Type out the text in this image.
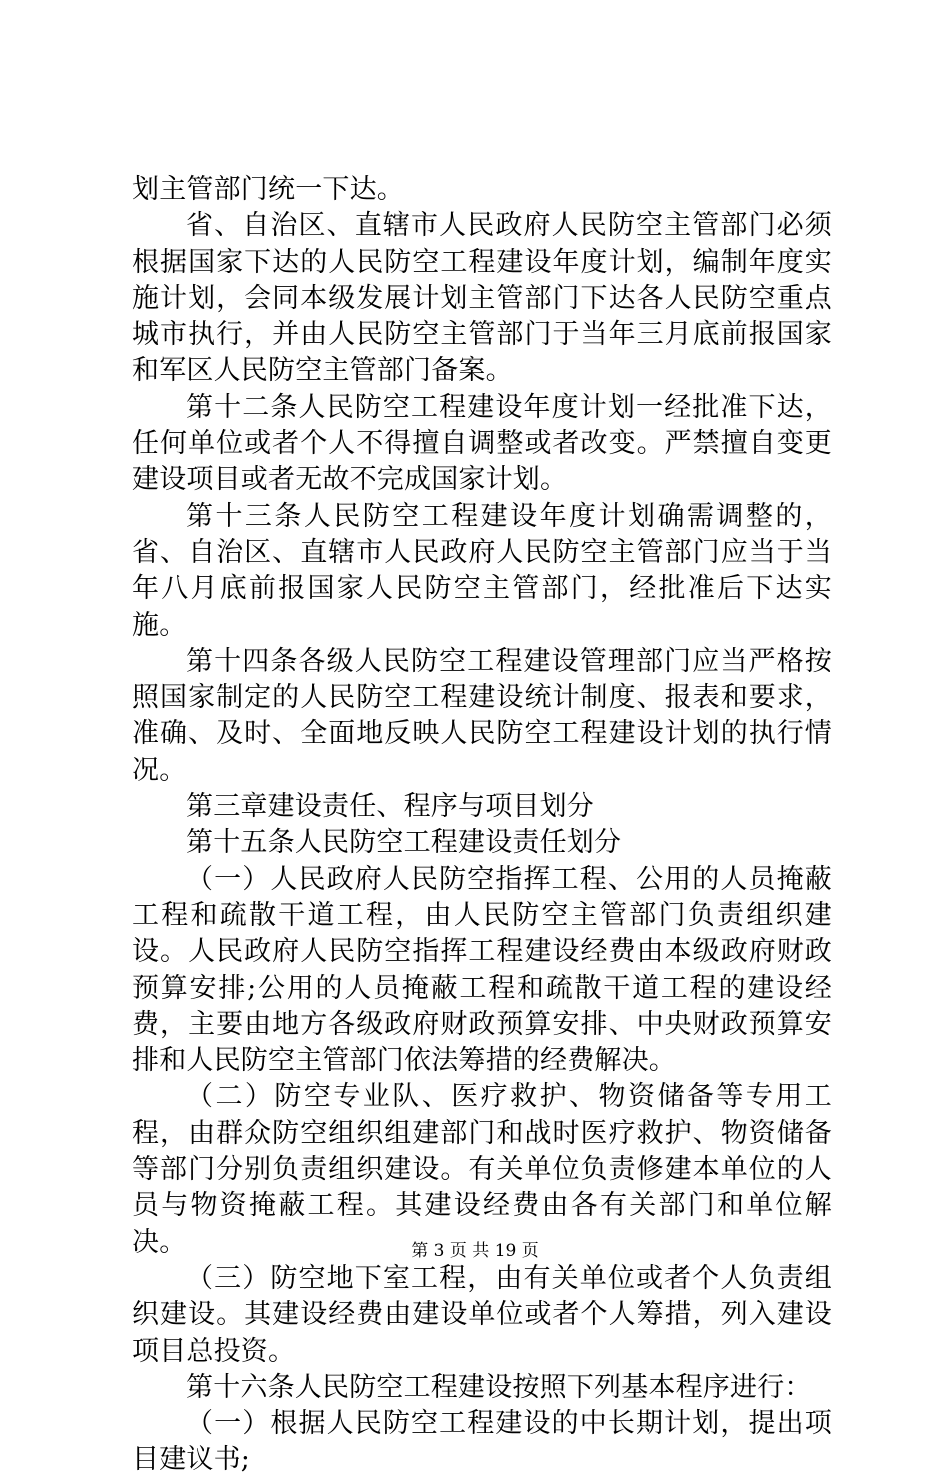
划主管部门统一下达。

省、自治区、直辖市人民政府人民防空主管部门必须根据国家下达的人民防空工程建设年度计划，编制年度实施计划，会同本级发展计划主管部门下达各人民防空重点城市执行，并由人民防空主管部门于当年三月底前报国家和军区人民防空主管部门备案。

第十二条人民防空工程建设年度计划一经批准下达，任何单位或者个人不得擅自调整或者改变。严禁擅自变更建设项目或者无故不完成国家计划。

第十三条人民防空工程建设年度计划确需调整的，省、自治区、直辖市人民政府人民防空主管部门应当于当年八月底前报国家人民防空主管部门，经批准后下达实施。

第十四条各级人民防空工程建设管理部门应当严格按照国家制定的人民防空工程建设统计制度、报表和要求，准确、及时、全面地反映人民防空工程建设计划的执行情况。

第三章建设责任、程序与项目划分

第十五条人民防空工程建设责任划分

（一）人民政府人民防空指挥工程、公用的人员掩蔽工程和疏散干道工程，由人民防空主管部门负责组织建设。人民政府人民防空指挥工程建设经费由本级政府财政预算安排;公用的人员掩蔽工程和疏散干道工程的建设经费，主要由地方各级政府财政预算安排、中央财政预算安排和人民防空主管部门依法筹措的经费解决。

（二）防空专业队、医疗救护、物资储备等专用工程，由群众防空组织组建部门和战时医疗救护、物资储备等部门分别负责组织建设。有关单位负责修建本单位的人员与物资掩蔽工程。其建设经费由各有关部门和单位解决。

（三）防空地下室工程，由有关单位或者个人负责组织建设。其建设经费由建设单位或者个人筹措，列入建设项目总投资。

第十六条人民防空工程建设按照下列基本程序进行：

（一）根据人民防空工程建设的中长期计划，提出项目建议书;

第 3 页 共 19 页
